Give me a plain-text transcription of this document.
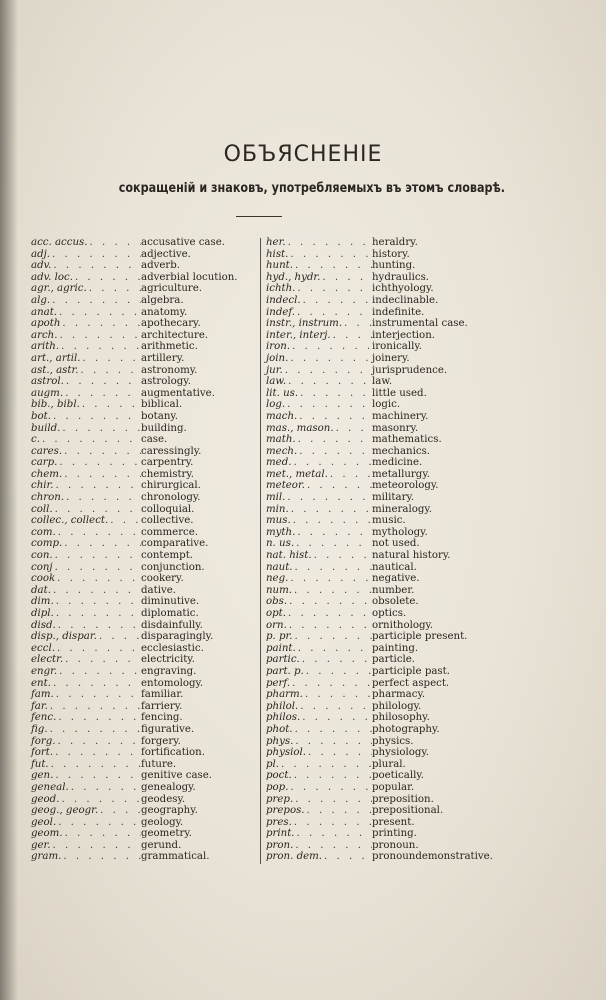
ОБЪЯСНЕНІЕ
сокращеній и знаковъ, употребляемыхъ въ этомъ словарѣ.
acc. accus. . . .	accusative case.
adj. . . .	adjective.
adv. . . .	adverb.
adv. loc. . . .	adverbial locution.
agr., agric. . . .	agriculture.
alg. . . .	algebra.
anat. . . .	anatomy.
apoth . . .	apothecary.
arch. . . .	architecture.
arith. . . .	arithmetic.
art., artil. . . .	artillery.
ast., astr. . . .	astronomy.
astrol. . . .	astrology.
augm. . . .	augmentative.
bib., bibl. . . .	biblical.
bot. . . .	botany.
build. . . .	building.
c. . . .	case.
cares. . . .	caressingly.
carp. . . .	carpentry.
chem. . . .	chemistry.
chir. . . .	chirurgical.
chron. . . .	chronology.
coll. . . .	colloquial.
collec., collect. . . .	collective.
com. . . .	commerce.
comp. . . .	comparative.
con. . . .	contempt.
conj . . .	conjunction.
cook . . .	cookery.
dat. . . .	dative.
dim. . . .	diminutive.
dipl. . . .	diplomatic.
disd. . . .	disdainfully.
disp., dispar. . . .	disparagingly.
eccl. . . .	ecclesiastic.
electr. . . .	electricity.
engr. . . .	engraving.
ent. . . .	entomology.
fam. . . .	familiar.
far. . . .	farriery.
fenc. . . .	fencing.
fig. . . .	figurative.
forg. . . .	forgery.
fort. . . .	fortification.
fut. . . .	future.
gen. . . .	genitive case.
geneal. . . .	genealogy.
geod. . . .	geodesy.
geog., geogr. . . .	geography.
geol. . . .	geology.
geom. . . .	geometry.
ger. . . .	gerund.
gram. . . .	grammatical.
her. . . .	heraldry.
hist. . . .	history.
hunt. . . .	hunting.
hyd., hydr. . . .	hydraulics.
ichth. . . .	ichthyology.
indecl. . . .	indeclinable.
indef. . . .	indefinite.
instr., instrum. . . .	instrumental case.
inter., interj. . . .	interjection.
iron. . . .	ironically.
join. . . .	joinery.
jur. . . .	jurisprudence.
law. . . .	law.
lit. us. . . .	little used.
log. . . .	logic.
mach. . . .	machinery.
mas., mason. . . .	masonry.
math. . . .	mathematics.
mech. . . .	mechanics.
med. . . .	medicine.
met., metal. . . .	metallurgy.
meteor. . . .	meteorology.
mil. . . .	military.
min. . . .	mineralogy.
mus. . . .	music.
myth. . . .	mythology.
n. us. . . .	not used.
nat. hist. . . .	natural history.
naut. . . .	nautical.
neg. . . .	negative.
num. . . .	number.
obs. . . .	obsolete.
opt. . . .	optics.
orn. . . .	ornithology.
p. pr. . . .	participle present.
paint. . . .	painting.
partic. . . .	particle.
part. p. . . .	participle past.
perf. . . .	perfect aspect.
pharm. . . .	pharmacy.
philol. . . .	philology.
philos. . . .	philosophy.
phot. . . .	photography.
phys. . . .	physics.
physiol. . . .	physiology.
pl. . . .	plural.
poct. . . .	poetically.
pop. . . .	popular.
prep. . . .	preposition.
prepos. . . .	prepositional.
pres. . . .	present.
print. . . .	printing.
pron. . . .	pronoun.
pron. dem. . . .	pronoundemonstrative.
